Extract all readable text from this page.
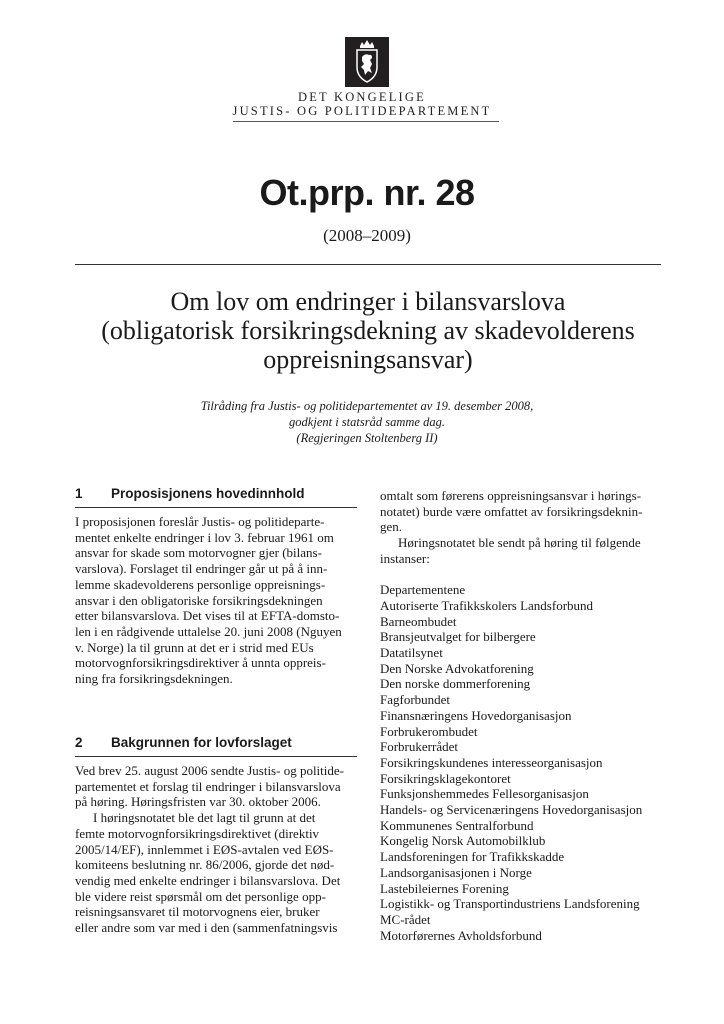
DET KONGELIGE
JUSTIS- OG POLITIDEPARTEMENT
Ot.prp. nr. 28
(2008–2009)
Om lov om endringer i bilansvarslova
(obligatorisk forsikringsdekning av skadevolderens
oppreisningsansvar)
Tilråding fra Justis- og politidepartementet av 19. desember 2008,
godkjent i statsråd samme dag.
(Regjeringen Stoltenberg II)
1	Proposisjonens hovedinnhold
I proposisjonen foreslår Justis- og politideparte-
mentet enkelte endringer i lov 3. februar 1961 om
ansvar for skade som motorvogner gjer (bilans-
varslova). Forslaget til endringer går ut på å inn-
lemme skadevolderens personlige oppreisnings-
ansvar i den obligatoriske forsikringsdekningen
etter bilansvarslova. Det vises til at EFTA-domsto-
len i en rådgivende uttalelse 20. juni 2008 (Nguyen
v. Norge) la til grunn at det er i strid med EUs
motorvognforsikringsdirektiver å unnta oppreis-
ning fra forsikringsdekningen.
2	Bakgrunnen for lovforslaget
Ved brev 25. august 2006 sendte Justis- og politide-
partementet et forslag til endringer i bilansvarslova
på høring. Høringsfristen var 30. oktober 2006.
I høringsnotatet ble det lagt til grunn at det
femte motorvognforsikringsdirektivet (direktiv
2005/14/EF), innlemmet i EØS-avtalen ved EØS-
komiteens beslutning nr. 86/2006, gjorde det nød-
vendig med enkelte endringer i bilansvarslova. Det
ble videre reist spørsmål om det personlige opp-
reisningsansvaret til motorvognens eier, bruker
eller andre som var med i den (sammenfatningsvis
omtalt som førerens oppreisningsansvar i hørings-
notatet) burde være omfattet av forsikringsdeknin-
gen.
Høringsnotatet ble sendt på høring til følgende
instanser:
Departementene
Autoriserte Trafikkskolers Landsforbund
Barneombudet
Bransjeutvalget for bilbergere
Datatilsynet
Den Norske Advokatforening
Den norske dommerforening
Fagforbundet
Finansnæringens Hovedorganisasjon
Forbrukerombudet
Forbrukerrådet
Forsikringskundenes interesseorganisasjon
Forsikringsklagekontoret
Funksjonshemmedes Fellesorganisasjon
Handels- og Servicenæringens Hovedorganisasjon
Kommunenes Sentralforbund
Kongelig Norsk Automobilklub
Landsforeningen for Trafikkskadde
Landsorganisasjonen i Norge
Lastebileiernes Forening
Logistikk- og Transportindustriens Landsforening
MC-rådet
Motorførernes Avholdsforbund
